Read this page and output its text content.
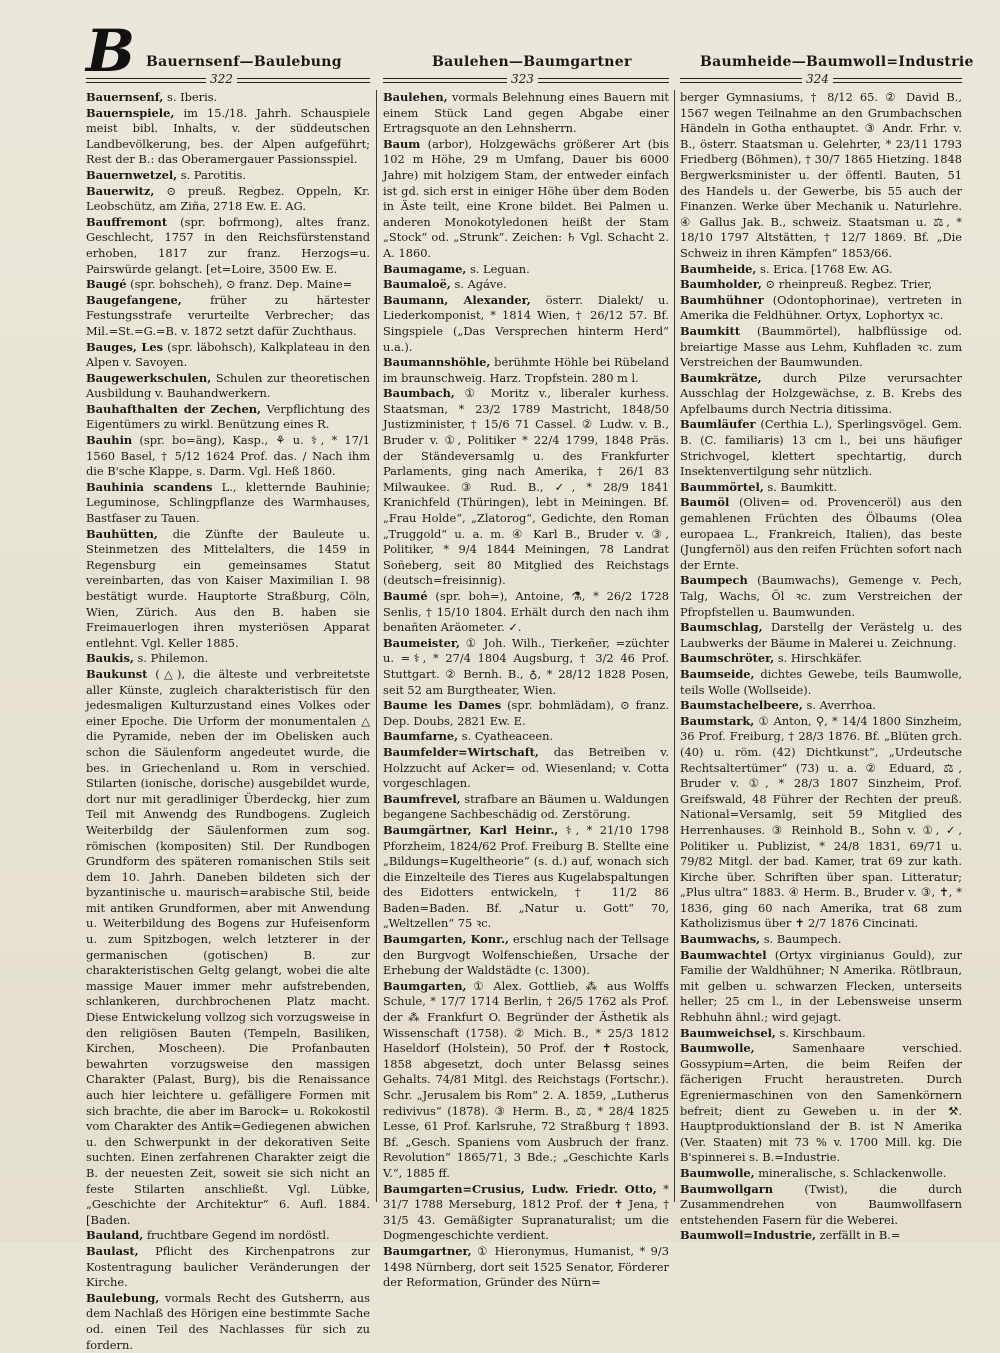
B Bauernsenf—Baulebung	Baulehen—Baumgartner	Baumheide—Baumwoll=Industrie
322	323	324

Bauernsenf, s. Iberis.

Bauernspiele, im 15./18. Jahrh. Schauspiele meist bibl. Inhalts, v. der süddeutschen Landbevölkerung, bes. der Alpen aufgeführt; Rest der B.: das Oberamergauer Passionsspiel.

Bauernwetzel, s. Parotitis.

Bauerwitz, ⊙ preuß. Regbez. Oppeln, Kr. Leobschütz, am Ziña, 2718 Ew. E. AG.

Bauffremont (spr. bofrmong), altes franz. Geschlecht, 1757 in den Reichsfürstenstand erhoben, 1817 zur franz. Herzogs=u. Pairswürde gelangt. [et=Loire, 3500 Ew. E.

Baugé (spr. bohscheh), ⊙ franz. Dep. Maine=

Baugefangene, früher zu härtester Festungsstrafe verurteilte Verbrecher; das Mil.=St.=G.=B. v. 1872 setzt dafür Zuchthaus.

Bauges, Les (spr. läbohsch), Kalkplateau in den Alpen v. Savoyen.

Baugewerkschulen, Schulen zur theoretischen Ausbildung v. Bauhandwerkern.

Bauhafthalten der Zechen, Verpflichtung des Eigentümers zu wirkl. Benützung eines R.

Bauhin (spr. bo=äng), Kasp., ⚘ u. ⚕, * 17/1 1560 Basel, † 5/12 1624 Prof. das. / Nach ihm die B'sche Klappe, s. Darm. Vgl. Heß 1860.

Bauhinia scandens L., kletternde Bauhinie; Leguminose, Schlingpflanze des Warmhauses, Bastfaser zu Tauen.

Bauhütten, die Zünfte der Bauleute u. Steinmetzen des Mittelalters, die 1459 in Regensburg ein gemeinsames Statut vereinbarten, das von Kaiser Maximilian I. 98 bestätigt wurde. Hauptorte Straßburg, Cöln, Wien, Zürich. Aus den B. haben sie Freimauerlogen ihren mysteriösen Apparat entlehnt. Vgl. Keller 1885.

Baukis, s. Philemon.

Baukunst (△), die älteste und verbreitetste aller Künste, zugleich charakteristisch für den jedesmaligen Kulturzustand eines Volkes oder einer Epoche. Die Urform der monumentalen △ die Pyramide, neben der im Obelisken auch schon die Säulenform angedeutet wurde, die bes. in Griechenland u. Rom in verschied. Stilarten (ionische, dorische) ausgebildet wurde, dort nur mit geradliniger Überdeckg, hier zum Teil mit Anwendg des Rundbogens. Zugleich Weiterbildg der Säulenformen zum sog. römischen (kompositen) Stil. Der Rundbogen Grundform des späteren romanischen Stils seit dem 10. Jahrh. Daneben bildeten sich der byzantinische u. maurisch=arabische Stil, beide mit antiken Grundformen, aber mit Anwendung u. Weiterbildung des Bogens zur Hufeisenform u. zum Spitzbogen, welch letzterer in der germanischen (gotischen) B. zur charakteristischen Geltg gelangt, wobei die alte massige Mauer immer mehr aufstrebenden, schlankeren, durchbrochenen Platz macht. Diese Entwickelung vollzog sich vorzugsweise in den religiösen Bauten (Tempeln, Basiliken, Kirchen, Moscheen). Die Profanbauten bewahrten vorzugsweise den massigen Charakter (Palast, Burg), bis die Renaissance auch hier leichtere u. gefälligere Formen mit sich brachte, die aber im Barock= u. Rokokostil vom Charakter des Antik=Gediegenen abwichen u. den Schwerpunkt in der dekorativen Seite suchten. Einen zerfahrenen Charakter zeigt die B. der neuesten Zeit, soweit sie sich nicht an feste Stilarten anschließt. Vgl. Lübke, „Geschichte der Architektur“ 6. Aufl. 1884. [Baden.

Bauland, fruchtbare Gegend im nordöstl.

Baulast, Pflicht des Kirchenpatrons zur Kostentragung baulicher Veränderungen der Kirche.

Baulebung, vormals Recht des Gutsherrn, aus dem Nachlaß des Hörigen eine bestimmte Sache od. einen Teil des Nachlasses für sich zu fordern.

Baulehen, vormals Belehnung eines Bauern mit einem Stück Land gegen Abgabe einer Ertragsquote an den Lehnsherrn.

Baum (arbor), Holzgewächs größerer Art (bis 102 m Höhe, 29 m Umfang, Dauer bis 6000 Jahre) mit holzigem Stam, der entweder einfach ist gd. sich erst in einiger Höhe über dem Boden in Äste teilt, eine Krone bildet. Bei Palmen u. anderen Monokotyledonen heißt der Stam „Stock“ od. „Strunk“. Zeichen: ♄ Vgl. Schacht 2. A. 1860.

Baumagame, s. Leguan.

Baumaloë, s. Agáve.

Baumann, Alexander, österr. Dialekt/ u. Liederkomponist, * 1814 Wien, † 26/12 57. Bf. Singspiele („Das Versprechen hinterm Herd“ u.a.).

Baumannshöhle, berühmte Höhle bei Rübeland im braunschweig. Harz. Tropfstein. 280 m l.

Baumbach, ① Moritz v., liberaler kurhess. Staatsman, * 23/2 1789 Mastricht, 1848/50 Justizminister, † 15/6 71 Cassel. ② Ludw. v. B., Bruder v. ①, Politiker * 22/4 1799, 1848 Präs. der Ständeversamlg u. des Frankfurter Parlaments, ging nach Amerika, † 26/1 83 Milwaukee. ③ Rud. B., ✓, * 28/9 1841 Kranichfeld (Thüringen), lebt in Meiningen. Bf. „Frau Holde“, „Zlatorog“, Gedichte, den Roman „Truggold“ u. a. m. ④ Karl B., Bruder v. ③, Politiker, * 9/4 1844 Meiningen, 78 Landrat Soñeberg, seit 80 Mitglied des Reichstags (deutsch=freisinnig).

Baumé (spr. boh=), Antoine, ⚗, * 26/2 1728 Senlis, † 15/10 1804. Erhält durch den nach ihm benañten Aräometer. ✓.

Baumeister, ① Joh. Wilh., Tierkeñer, =züchter u. =⚕, * 27/4 1804 Augsburg, † 3/2 46 Prof. Stuttgart. ② Bernh. B., ♁, * 28/12 1828 Posen, seit 52 am Burgtheater, Wien.

Baume les Dames (spr. bohmlädam), ⊙ franz. Dep. Doubs, 2821 Ew. E.

Baumfarne, s. Cyatheaceen.

Baumfelder=Wirtschaft, das Betreiben v. Holzzucht auf Acker= od. Wiesenland; v. Cotta vorgeschlagen.

Baumfrevel, strafbare an Bäumen u. Waldungen begangene Sachbeschädig od. Zerstörung.

Baumgärtner, Karl Heinr., ⚕, * 21/10 1798 Pforzheim, 1824/62 Prof. Freiburg B. Stellte eine „Bildungs=Kugeltheorie“ (s. d.) auf, wonach sich die Einzelteile des Tieres aus Kugelabspaltungen des Eidotters entwickeln, † 11/2 86 Baden=Baden. Bf. „Natur u. Gott“ 70, „Weltzellen“ 75 ꝛc.

Baumgarten, Konr., erschlug nach der Tellsage den Burgvogt Wolfenschießen, Ursache der Erhebung der Waldstädte (c. 1300).

Baumgarten, ① Alex. Gottlieb, ⁂ aus Wolffs Schule, * 17/7 1714 Berlin, † 26/5 1762 als Prof. der ⁂ Frankfurt O. Begründer der Ästhetik als Wissenschaft (1758). ② Mich. B., * 25/3 1812 Haseldorf (Holstein), 50 Prof. der ✝ Rostock, 1858 abgesetzt, doch unter Belassg seines Gehalts. 74/81 Mitgl. des Reichstags (Fortschr.). Schr. „Jerusalem bis Rom“ 2. A. 1859, „Lutherus redivivus“ (1878). ③ Herm. B., ⚖, * 28/4 1825 Lesse, 61 Prof. Karlsruhe, 72 Straßburg † 1893. Bf. „Gesch. Spaniens vom Ausbruch der franz. Revolution“ 1865/71, 3 Bde.; „Geschichte Karls V.“, 1885 ff.

Baumgarten=Crusius, Ludw. Friedr. Otto, * 31/7 1788 Merseburg, 1812 Prof. der ✝ Jena, † 31/5 43. Gemäßigter Supranaturalist; um die Dogmengeschichte verdient.

Baumgartner, ① Hieronymus, Humanist, * 9/3 1498 Nürnberg, dort seit 1525 Senator, Förderer der Reformation, Gründer des Nürn=

berger Gymnasiums, † 8/12 65. ② David B., 1567 wegen Teilnahme an den Grumbachschen Händeln in Gotha enthauptet. ③ Andr. Frhr. v. B., österr. Staatsman u. Gelehrter, * 23/11 1793 Friedberg (Böhmen), † 30/7 1865 Hietzing. 1848 Bergwerksminister u. der öffentl. Bauten, 51 des Handels u. der Gewerbe, bis 55 auch der Finanzen. Werke über Mechanik u. Naturlehre. ④ Gallus Jak. B., schweiz. Staatsman u. ⚖, * 18/10 1797 Altstätten, † 12/7 1869. Bf. „Die Schweiz in ihren Kämpfen“ 1853/66.

Baumheide, s. Erica. [1768 Ew. AG.

Baumholder, ⊙ rheinpreuß. Regbez. Trier,

Baumhühner (Odontophorinae), vertreten in Amerika die Feldhühner. Ortyx, Lophortyx ꝛc.

Baumkitt (Baummörtel), halbflüssige od. breiartige Masse aus Lehm, Kuhfladen ꝛc. zum Verstreichen der Baumwunden.

Baumkrätze, durch Pilze verursachter Ausschlag der Holzgewächse, z. B. Krebs des Apfelbaums durch Nectria ditissima.

Baumläufer (Certhia L.), Sperlingsvögel. Gem. B. (C. familiaris) 13 cm l., bei uns häufiger Strichvogel, klettert spechtartig, durch Insektenvertilgung sehr nützlich.

Baummörtel, s. Baumkitt.

Baumöl (Oliven= od. Provenceröl) aus den gemahlenen Früchten des Ölbaums (Olea europaea L., Frankreich, Italien), das beste (Jungfernöl) aus den reifen Früchten sofort nach der Ernte.

Baumpech (Baumwachs), Gemenge v. Pech, Talg, Wachs, Öl ꝛc. zum Verstreichen der Pfropfstellen u. Baumwunden.

Baumschlag, Darstellg der Verästelg u. des Laubwerks der Bäume in Malerei u. Zeichnung.

Baumschröter, s. Hirschkäfer.

Baumseide, dichtes Gewebe, teils Baumwolle, teils Wolle (Wollseide).

Baumstachelbeere, s. Averrhoa.

Baumstark, ① Anton, ⚲, * 14/4 1800 Sinzheim, 36 Prof. Freiburg, † 28/3 1876. Bf. „Blüten grch. (40) u. röm. (42) Dichtkunst“, „Urdeutsche Rechtsaltertümer“ (73) u. a. ② Eduard, ⚖, Bruder v. ①, * 28/3 1807 Sinzheim, Prof. Greifswald, 48 Führer der Rechten der preuß. National=Versamlg, seit 59 Mitglied des Herrenhauses. ③ Reinhold B., Sohn v. ①, ✓, Politiker u. Publizist, * 24/8 1831, 69/71 u. 79/82 Mitgl. der bad. Kamer, trat 69 zur kath. Kirche über. Schriften über span. Litteratur; „Plus ultra“ 1883. ④ Herm. B., Bruder v. ③, ✝, * 1836, ging 60 nach Amerika, trat 68 zum Katholizismus über ✝ 2/7 1876 Cincinati.

Baumwachs, s. Baumpech.

Baumwachtel (Ortyx virginianus Gould), zur Familie der Waldhühner; N Amerika. Rötlbraun, mit gelben u. schwarzen Flecken, unterseits heller; 25 cm l., in der Lebensweise unserm Rebhuhn ähnl.; wird gejagt.

Baumweichsel, s. Kirschbaum.

Baumwolle, Samenhaare verschied. Gossypium=Arten, die beim Reifen der fächerigen Frucht heraustreten. Durch Egreniermaschinen von den Samenkörnern befreit; dient zu Geweben u. in der ⚒. Hauptproduktionsland der B. ist N Amerika (Ver. Staaten) mit 73 % v. 1700 Mill. kg. Die B'spinnerei s. B.=Industrie.

Baumwolle, mineralische, s. Schlackenwolle.

Baumwollgarn (Twist), die durch Zusammendrehen von Baumwollfasern entstehenden Fasern für die Weberei.

Baumwoll=Industrie, zerfällt in B.=
